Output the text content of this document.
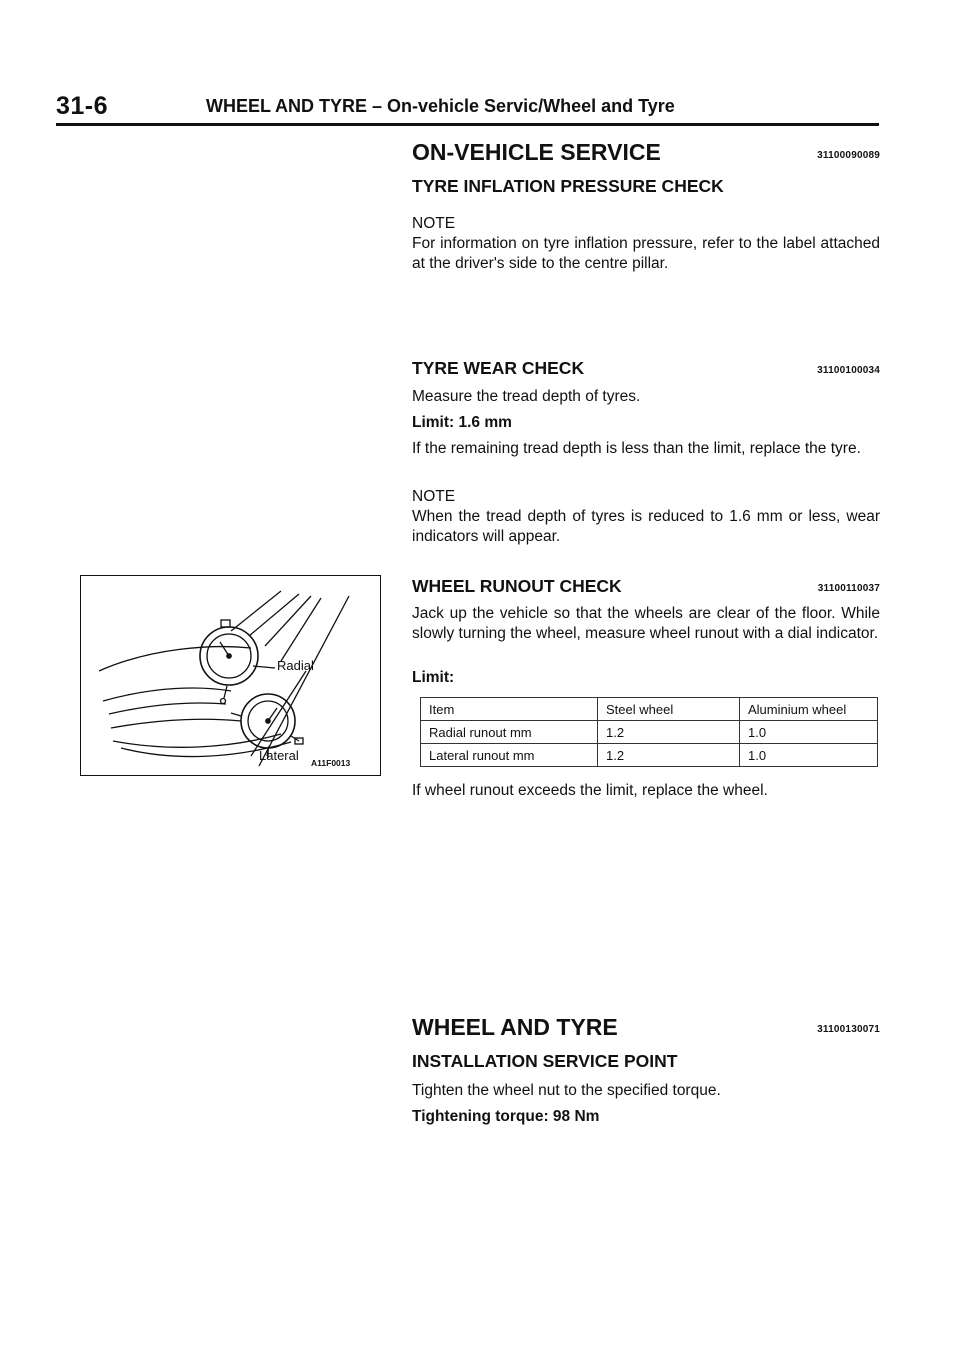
31-6	WHEEL AND TYRE – On-vehicle Servic/Wheel and Tyre
ON-VEHICLE SERVICE	31100090089
TYRE INFLATION PRESSURE CHECK
NOTE
For information on tyre inflation pressure, refer to the label attached at the driver's side to the centre pillar.
TYRE WEAR CHECK	31100100034
Measure the tread depth of tyres.
Limit: 1.6 mm
If the remaining tread depth is less than the limit, replace the tyre.
NOTE
When the tread depth of tyres is reduced to 1.6 mm or less, wear indicators will appear.
WHEEL RUNOUT CHECK	31100110037
Jack up the vehicle so that the wheels are clear of the floor. While slowly turning the wheel, measure wheel runout with a dial indicator.
Limit:
Item	Steel wheel	Aluminium wheel
Radial runout mm	1.2	1.0
Lateral runout mm	1.2	1.0
If wheel runout exceeds the limit, replace the wheel.
Radial
Lateral A11F0013
WHEEL AND TYRE	31100130071
INSTALLATION SERVICE POINT
Tighten the wheel nut to the specified torque.
Tightening torque: 98 Nm
